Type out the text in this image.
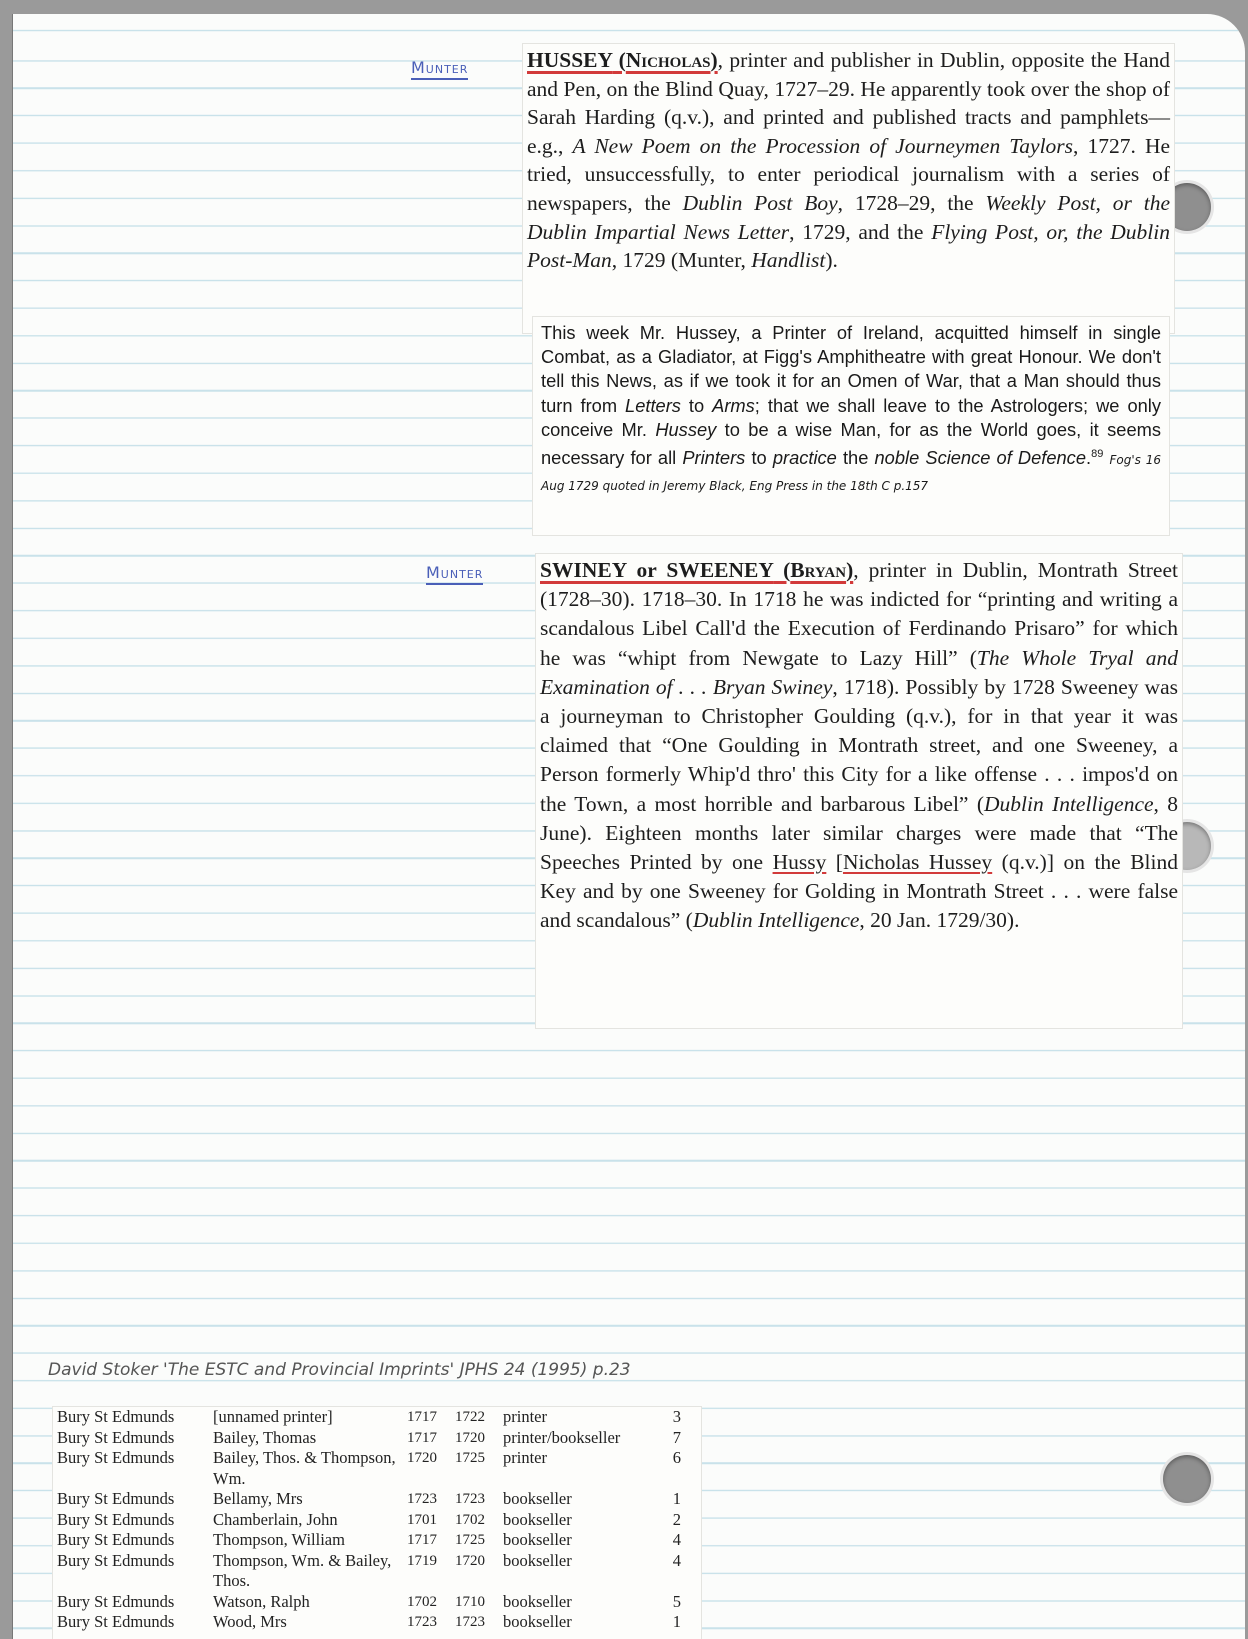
Munter	HUSSEY (Nicholas), printer and publisher in Dublin, opposite the Hand and Pen, on the Blind Quay, 1727–29. He apparently took over the shop of Sarah Harding (q.v.), and printed and published tracts and pamphlets—e.g., A New Poem on the Procession of Journeymen Taylors, 1727. He tried, unsuccessfully, to enter periodical journalism with a series of newspapers, the Dublin Post Boy, 1728–29, the Weekly Post, or the Dublin Impartial News Letter, 1729, and the Flying Post, or, the Dublin Post-Man, 1729 (Munter, Handlist).

This week Mr. Hussey, a Printer of Ireland, acquitted himself in single Combat, as a Gladiator, at Figg's Amphitheatre with great Honour. We don't tell this News, as if we took it for an Omen of War, that a Man should thus turn from Letters to Arms; that we shall leave to the Astrologers; we only conceive Mr. Hussey to be a wise Man, for as the World goes, it seems necessary for all Printers to practice the noble Science of Defence.$^{89}$ Fog's 16 Aug 1729 quoted in Jeremy Black, Eng Press in the 18th C p.157

Munter	SWINEY or SWEENEY (Bryan), printer in Dublin, Montrath Street (1728–30). 1718–30. In 1718 he was indicted for “printing and writing a scandalous Libel Call'd the Execution of Ferdinando Prisaro” for which he was “whipt from Newgate to Lazy Hill” (The Whole Tryal and Examination of . . . Bryan Swiney, 1718). Possibly by 1728 Sweeney was a journeyman to Christopher Goulding (q.v.), for in that year it was claimed that “One Goulding in Montrath street, and one Sweeney, a Person formerly Whip'd thro' this City for a like offense . . . impos'd on the Town, a most horrible and barbarous Libel” (Dublin Intelligence, 8 June). Eighteen months later similar charges were made that “The Speeches Printed by one Hussy [Nicholas Hussey (q.v.)] on the Blind Key and by one Sweeney for Golding in Montrath Street . . . were false and scandalous” (Dublin Intelligence, 20 Jan. 1729/30).

David Stoker 'The ESTC and Provincial Imprints' JPHS 24 (1995) p.23
Bury St Edmunds	[unnamed printer]	1717	1722	printer	3
Bury St Edmunds	Bailey, Thomas	1717	1720	printer/bookseller	7
Bury St Edmunds	Bailey, Thos. & Thompson, Wm.	1720	1725	printer	6
Bury St Edmunds	Bellamy, Mrs	1723	1723	bookseller	1
Bury St Edmunds	Chamberlain, John	1701	1702	bookseller	2
Bury St Edmunds	Thompson, William	1717	1725	bookseller	4
Bury St Edmunds	Thompson, Wm. & Bailey, Thos.	1719	1720	bookseller	4
Bury St Edmunds	Watson, Ralph	1702	1710	bookseller	5
Bury St Edmunds	Wood, Mrs	1723	1723	bookseller	1
